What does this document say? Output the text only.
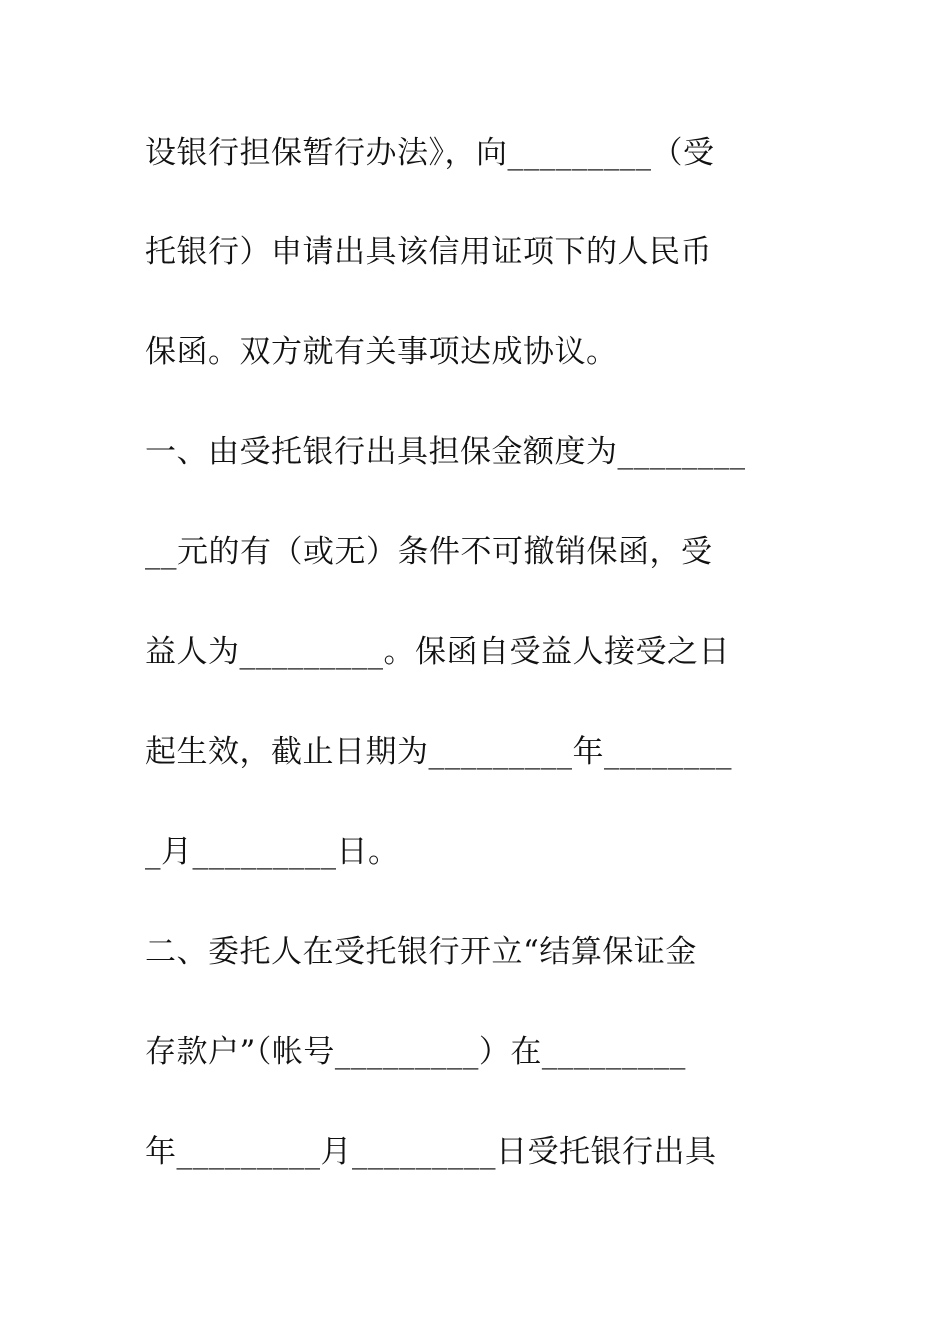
设银行担保暂行办法》，向_________（受
托银行）申请出具该信用证项下的人民币
保函。双方就有关事项达成协议。
一、由受托银行出具担保金额度为________
__元的有（或无）条件不可撤销保函，受
益人为_________。保函自受益人接受之日
起生效，截止日期为_________年________
_月_________日。
二、委托人在受托银行开立“结算保证金
存款户”（帐号_________）在_________
年_________月_________日受托银行出具
